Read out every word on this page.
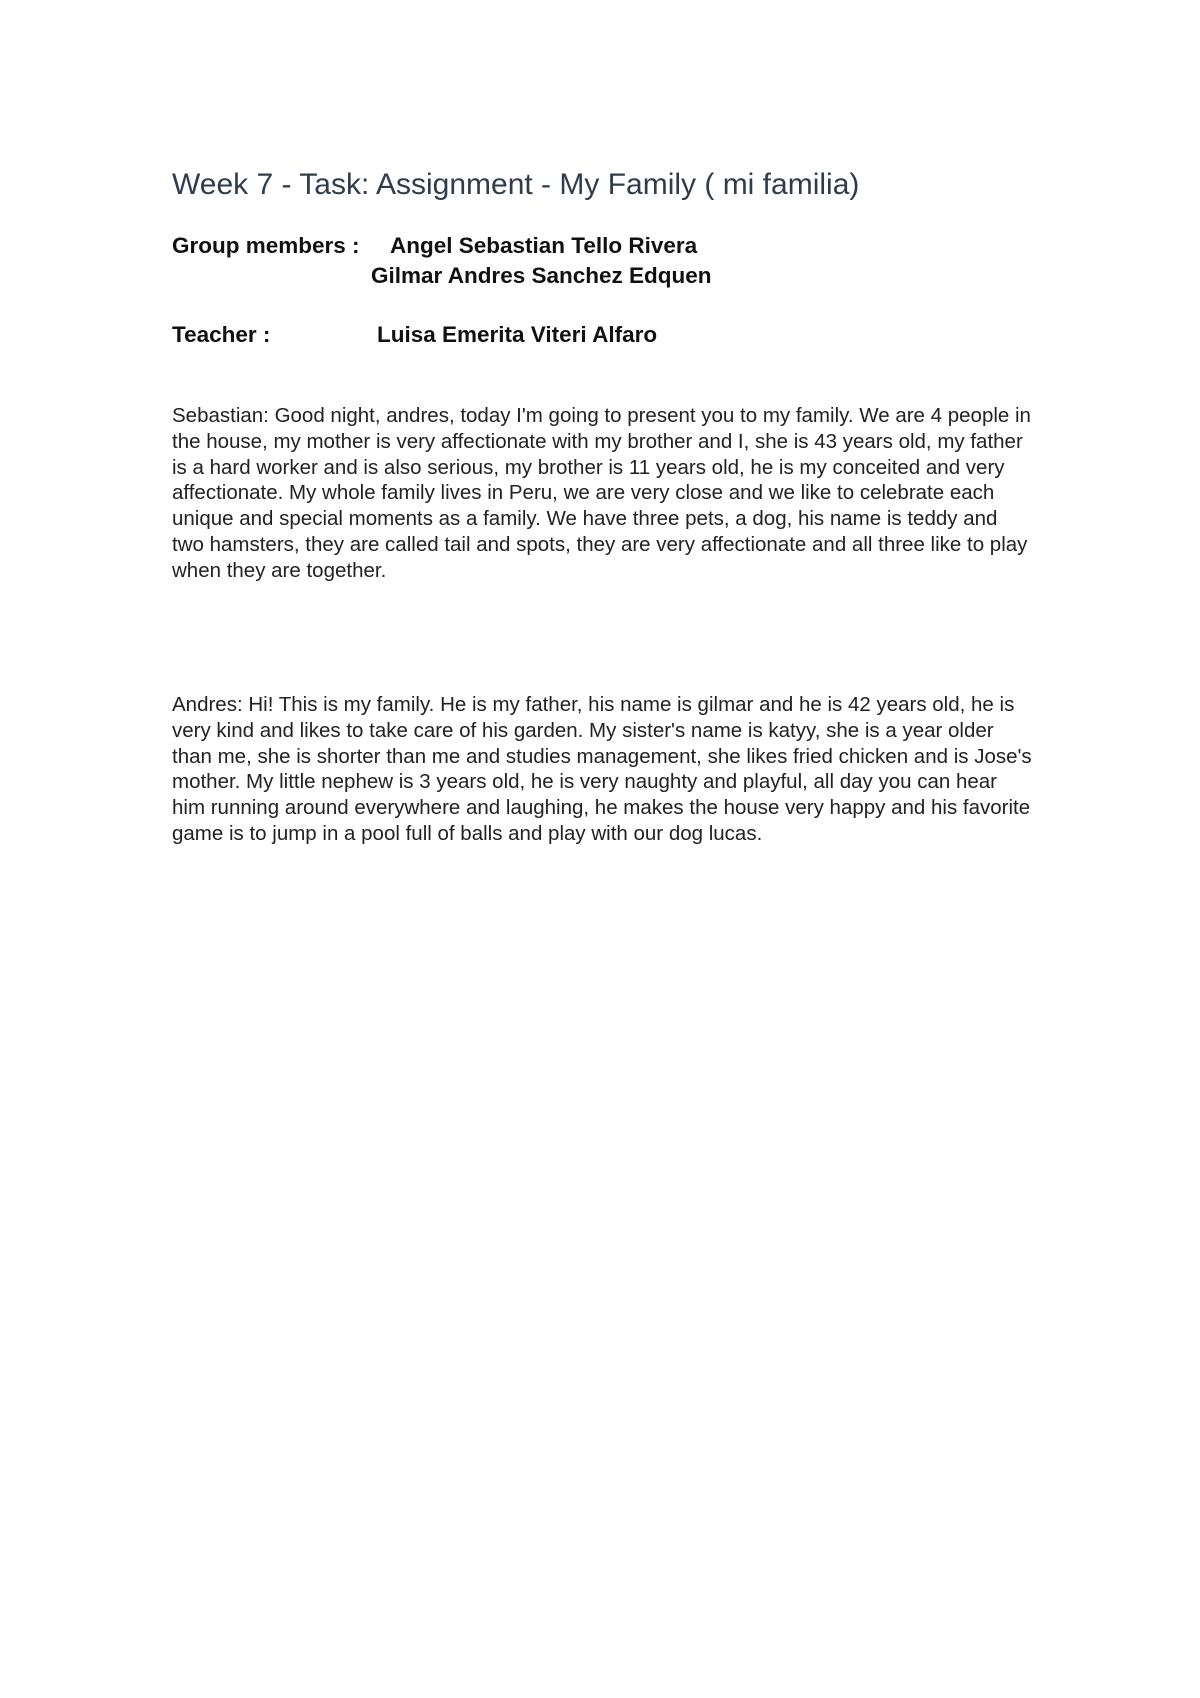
Week 7 - Task: Assignment - My Family ( mi familia)
Group members : Angel Sebastian Tello Rivera
Gilmar Andres Sanchez Edquen
Teacher :	Luisa Emerita Viteri Alfaro

Sebastian: Good night, andres, today I'm going to present you to my family. We are 4 people in the house, my mother is very affectionate with my brother and I, she is 43 years old, my father is a hard worker and is also serious, my brother is 11 years old, he is my conceited and very affectionate. My whole family lives in Peru, we are very close and we like to celebrate each unique and special moments as a family. We have three pets, a dog, his name is teddy and two hamsters, they are called tail and spots, they are very affectionate and all three like to play when they are together.

Andres: Hi! This is my family. He is my father, his name is gilmar and he is 42 years old, he is very kind and likes to take care of his garden. My sister's name is katyy, she is a year older than me, she is shorter than me and studies management, she likes fried chicken and is Jose's mother. My little nephew is 3 years old, he is very naughty and playful, all day you can hear him running around everywhere and laughing, he makes the house very happy and his favorite game is to jump in a pool full of balls and play with our dog lucas.
